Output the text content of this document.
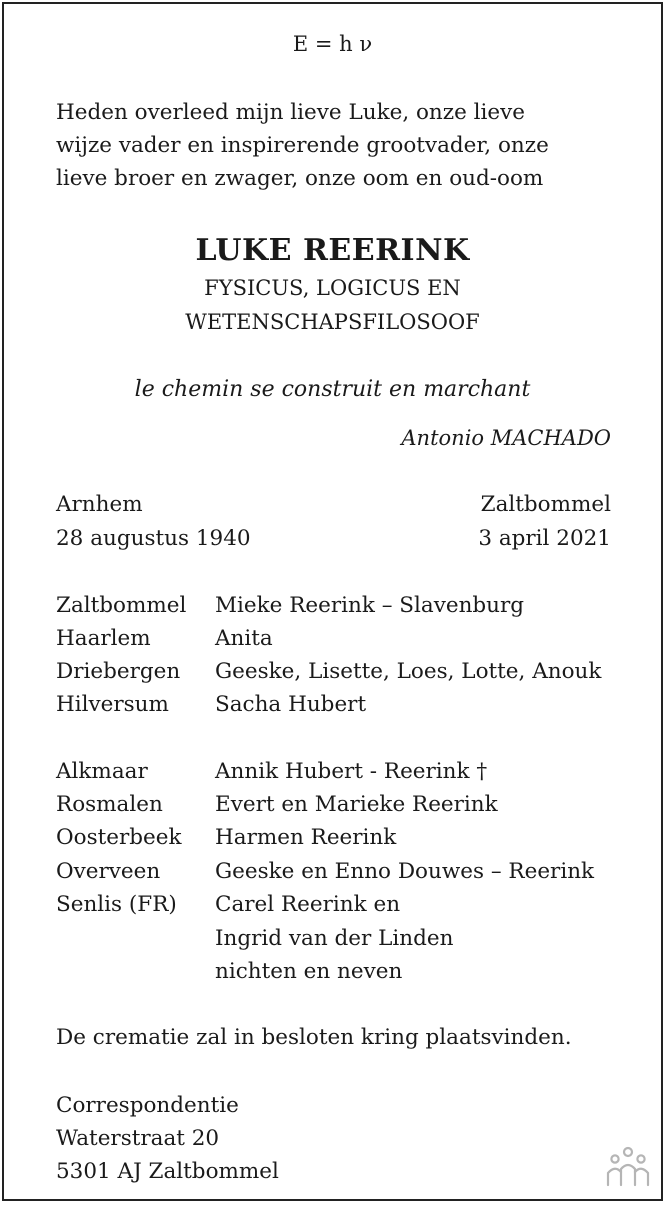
E = h ν
Heden overleed mijn lieve Luke, onze lieve
wijze vader en inspirerende grootvader, onze
lieve broer en zwager, onze oom en oud-oom
LUKE REERINK
FYSICUS, LOGICUS EN
WETENSCHAPSFILOSOOF
le chemin se construit en marchant
Antonio MACHADO
Arnhem	Zaltbommel
28 augustus 1940	3 april 2021
Zaltbommel Mieke Reerink – Slavenburg
Haarlem	Anita
Driebergen Geeske, Lisette, Loes, Lotte, Anouk
Hilversum Sacha Hubert
Alkmaar	Annik Hubert - Reerink †
Rosmalen Evert en Marieke Reerink
Oosterbeek Harmen Reerink
Overveen	Geeske en Enno Douwes – Reerink
Senlis (FR) Carel Reerink en
Ingrid van der Linden
nichten en neven
De crematie zal in besloten kring plaatsvinden.
Correspondentie
Waterstraat 20
5301 AJ Zaltbommel
